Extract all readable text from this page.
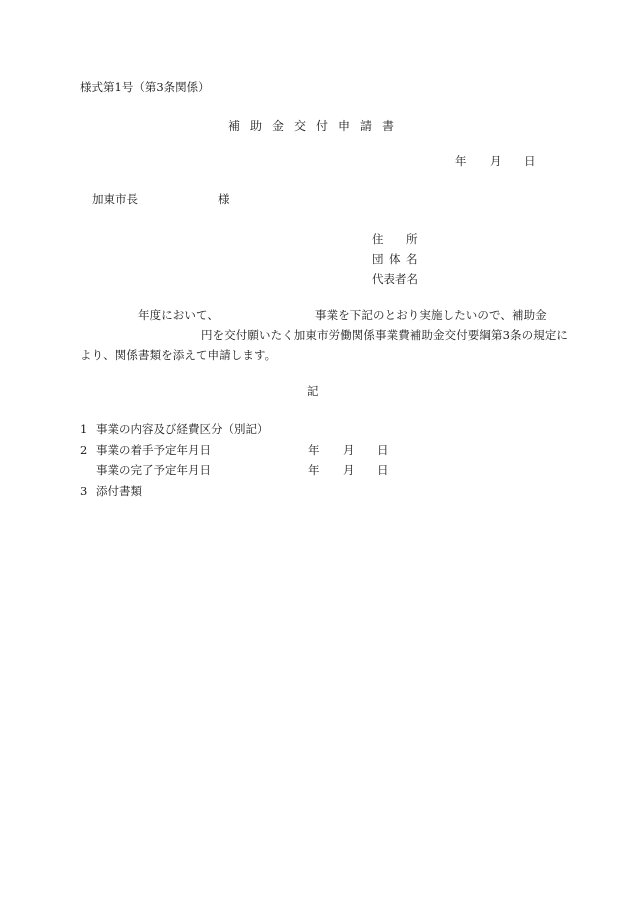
様式第1号（第3条関係）
補助金交付申請書
年 月 日
加東市長	様
住 所
団 体 名
代表者名
年度において、	事業を下記のとおり実施したいので、補助金
円を交付願いたく加東市労働関係事業費補助金交付要綱第3条の規定に
より、関係書類を添えて申請します。
記
1 事業の内容及び経費区分（別記）
2 事業の着手予定年月日	年 月 日
事業の完了予定年月日	年 月 日
3 添付書類
